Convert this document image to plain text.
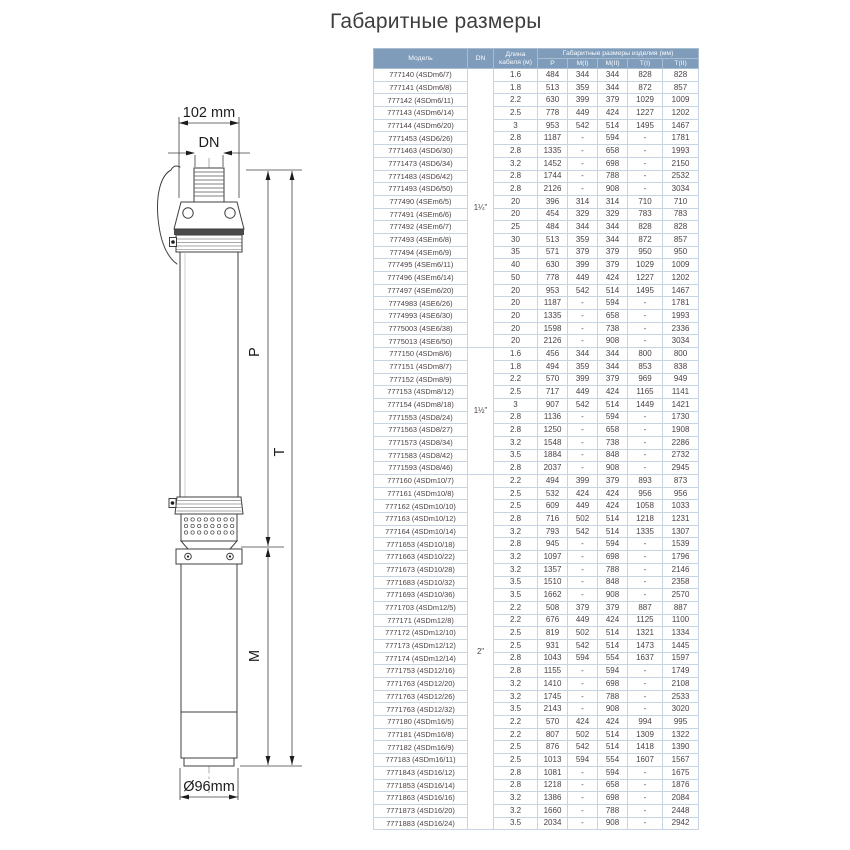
Габаритные размеры
102 mm
DN
P
T
M
Ø96mm
Модель	DN	Длина кабеля (м)	Габаритные размеры изделия (мм)				
			P	M(I)	M(II)	T(I)	T(II)
777140 (4SDm6/7)	1¼"	1.6	484	344	344	828	828
777141 (4SDm6/8)		1.8	513	359	344	872	857
777142 (4SDm6/11)		2.2	630	399	379	1029	1009
777143 (4SDm6/14)		2.5	778	449	424	1227	1202
777144 (4SDm6/20)		3	953	542	514	1495	1467
7771453 (4SD6/26)		2.8	1187	-	594	-	1781
7771463 (4SD6/30)		2.8	1335	-	658	-	1993
7771473 (4SD6/34)		3.2	1452	-	698	-	2150
7771483 (4SD6/42)		2.8	1744	-	788	-	2532
7771493 (4SD6/50)		2.8	2126	-	908	-	3034
777490 (4SEm6/5)		20	396	314	314	710	710
777491 (4SEm6/6)		20	454	329	329	783	783
777492 (4SEm6/7)		25	484	344	344	828	828
777493 (4SEm6/8)		30	513	359	344	872	857
777494 (4SEm6/9)		35	571	379	379	950	950
777495 (4SEm6/11)		40	630	399	379	1029	1009
777496 (4SEm6/14)		50	778	449	424	1227	1202
777497 (4SEm6/20)		20	953	542	514	1495	1467
7774983 (4SE6/26)		20	1187	-	594	-	1781
7774993 (4SE6/30)		20	1335	-	658	-	1993
7775003 (4SE6/38)		20	1598	-	738	-	2336
7775013 (4SE6/50)		20	2126	-	908	-	3034
777150 (4SDm8/6)	1½"	1.6	456	344	344	800	800
777151 (4SDm8/7)		1.8	494	359	344	853	838
777152 (4SDm8/9)		2.2	570	399	379	969	949
777153 (4SDm8/12)		2.5	717	449	424	1165	1141
777154 (4SDm8/18)		3	907	542	514	1449	1421
7771553 (4SD8/24)		2.8	1136	-	594	-	1730
7771563 (4SD8/27)		2.8	1250	-	658	-	1908
7771573 (4SD8/34)		3.2	1548	-	738	-	2286
7771583 (4SD8/42)		3.5	1884	-	848	-	2732
7771593 (4SD8/46)		2.8	2037	-	908	-	2945
777160 (4SDm10/7)	2"	2.2	494	399	379	893	873
777161 (4SDm10/8)		2.5	532	424	424	956	956
777162 (4SDm10/10)		2.5	609	449	424	1058	1033
777163 (4SDm10/12)		2.8	716	502	514	1218	1231
777164 (4SDm10/14)		3.2	793	542	514	1335	1307
7771653 (4SD10/18)		2.8	945	-	594	-	1539
7771663 (4SD10/22)		3.2	1097	-	698	-	1796
7771673 (4SD10/28)		3.2	1357	-	788	-	2146
7771683 (4SD10/32)		3.5	1510	-	848	-	2358
7771693 (4SD10/36)		3.5	1662	-	908	-	2570
7771703 (4SDm12/5)		2.2	508	379	379	887	887
777171 (4SDm12/8)		2.2	676	449	424	1125	1100
777172 (4SDm12/10)		2.5	819	502	514	1321	1334
777173 (4SDm12/12)		2.5	931	542	514	1473	1445
777174 (4SDm12/14)		2.8	1043	594	554	1637	1597
7771753 (4SD12/16)		2.8	1155	-	594	-	1749
7771763 (4SD12/20)		3.2	1410	-	698	-	2108
7771763 (4SD12/26)		3.2	1745	-	788	-	2533
7771763 (4SD12/32)		3.5	2143	-	908	-	3020
777180 (4SDm16/5)		2.2	570	424	424	994	995
777181 (4SDm16/8)		2.2	807	502	514	1309	1322
777182 (4SDm16/9)		2.5	876	542	514	1418	1390
777183 (4SDm16/11)		2.5	1013	594	554	1607	1567
7771843 (4SD16/12)		2.8	1081	-	594	-	1675
7771853 (4SD16/14)		2.8	1218	-	658	-	1876
7771863 (4SD16/16)		3.2	1386	-	698	-	2084
7771873 (4SD16/20)		3.2	1660	-	788	-	2448
7771883 (4SD16/24)		3.5	2034	-	908	-	2942
